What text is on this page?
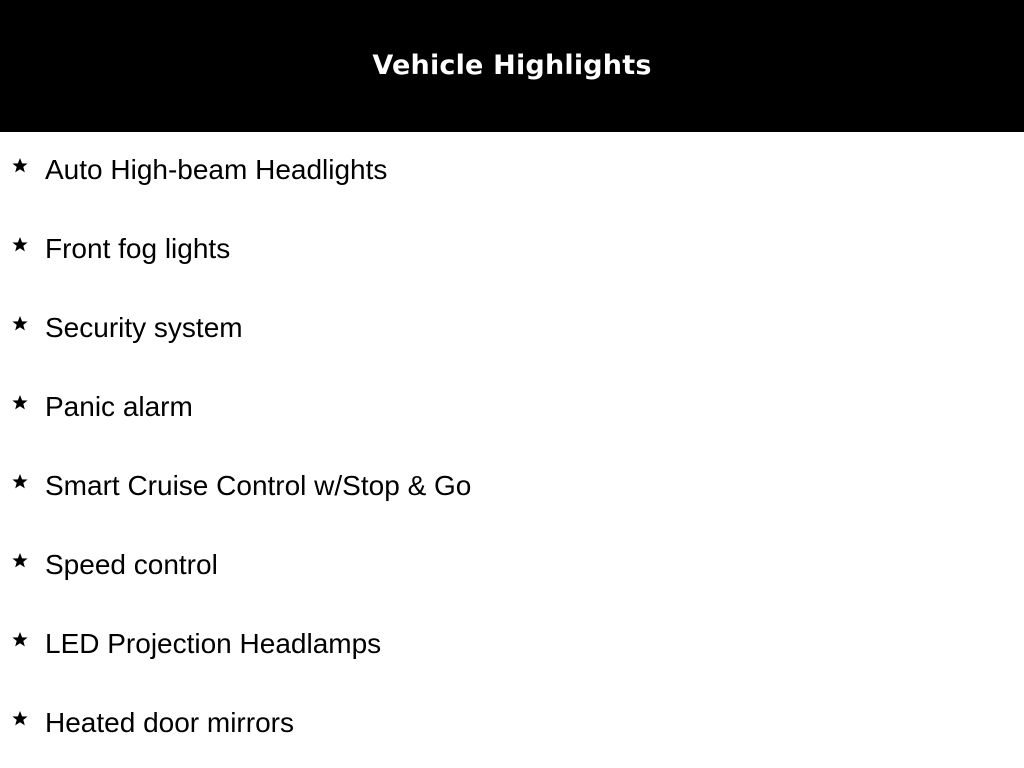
Vehicle Highlights
Auto High-beam Headlights
Front fog lights
Security system
Panic alarm
Smart Cruise Control w/Stop & Go
Speed control
LED Projection Headlamps
Heated door mirrors
